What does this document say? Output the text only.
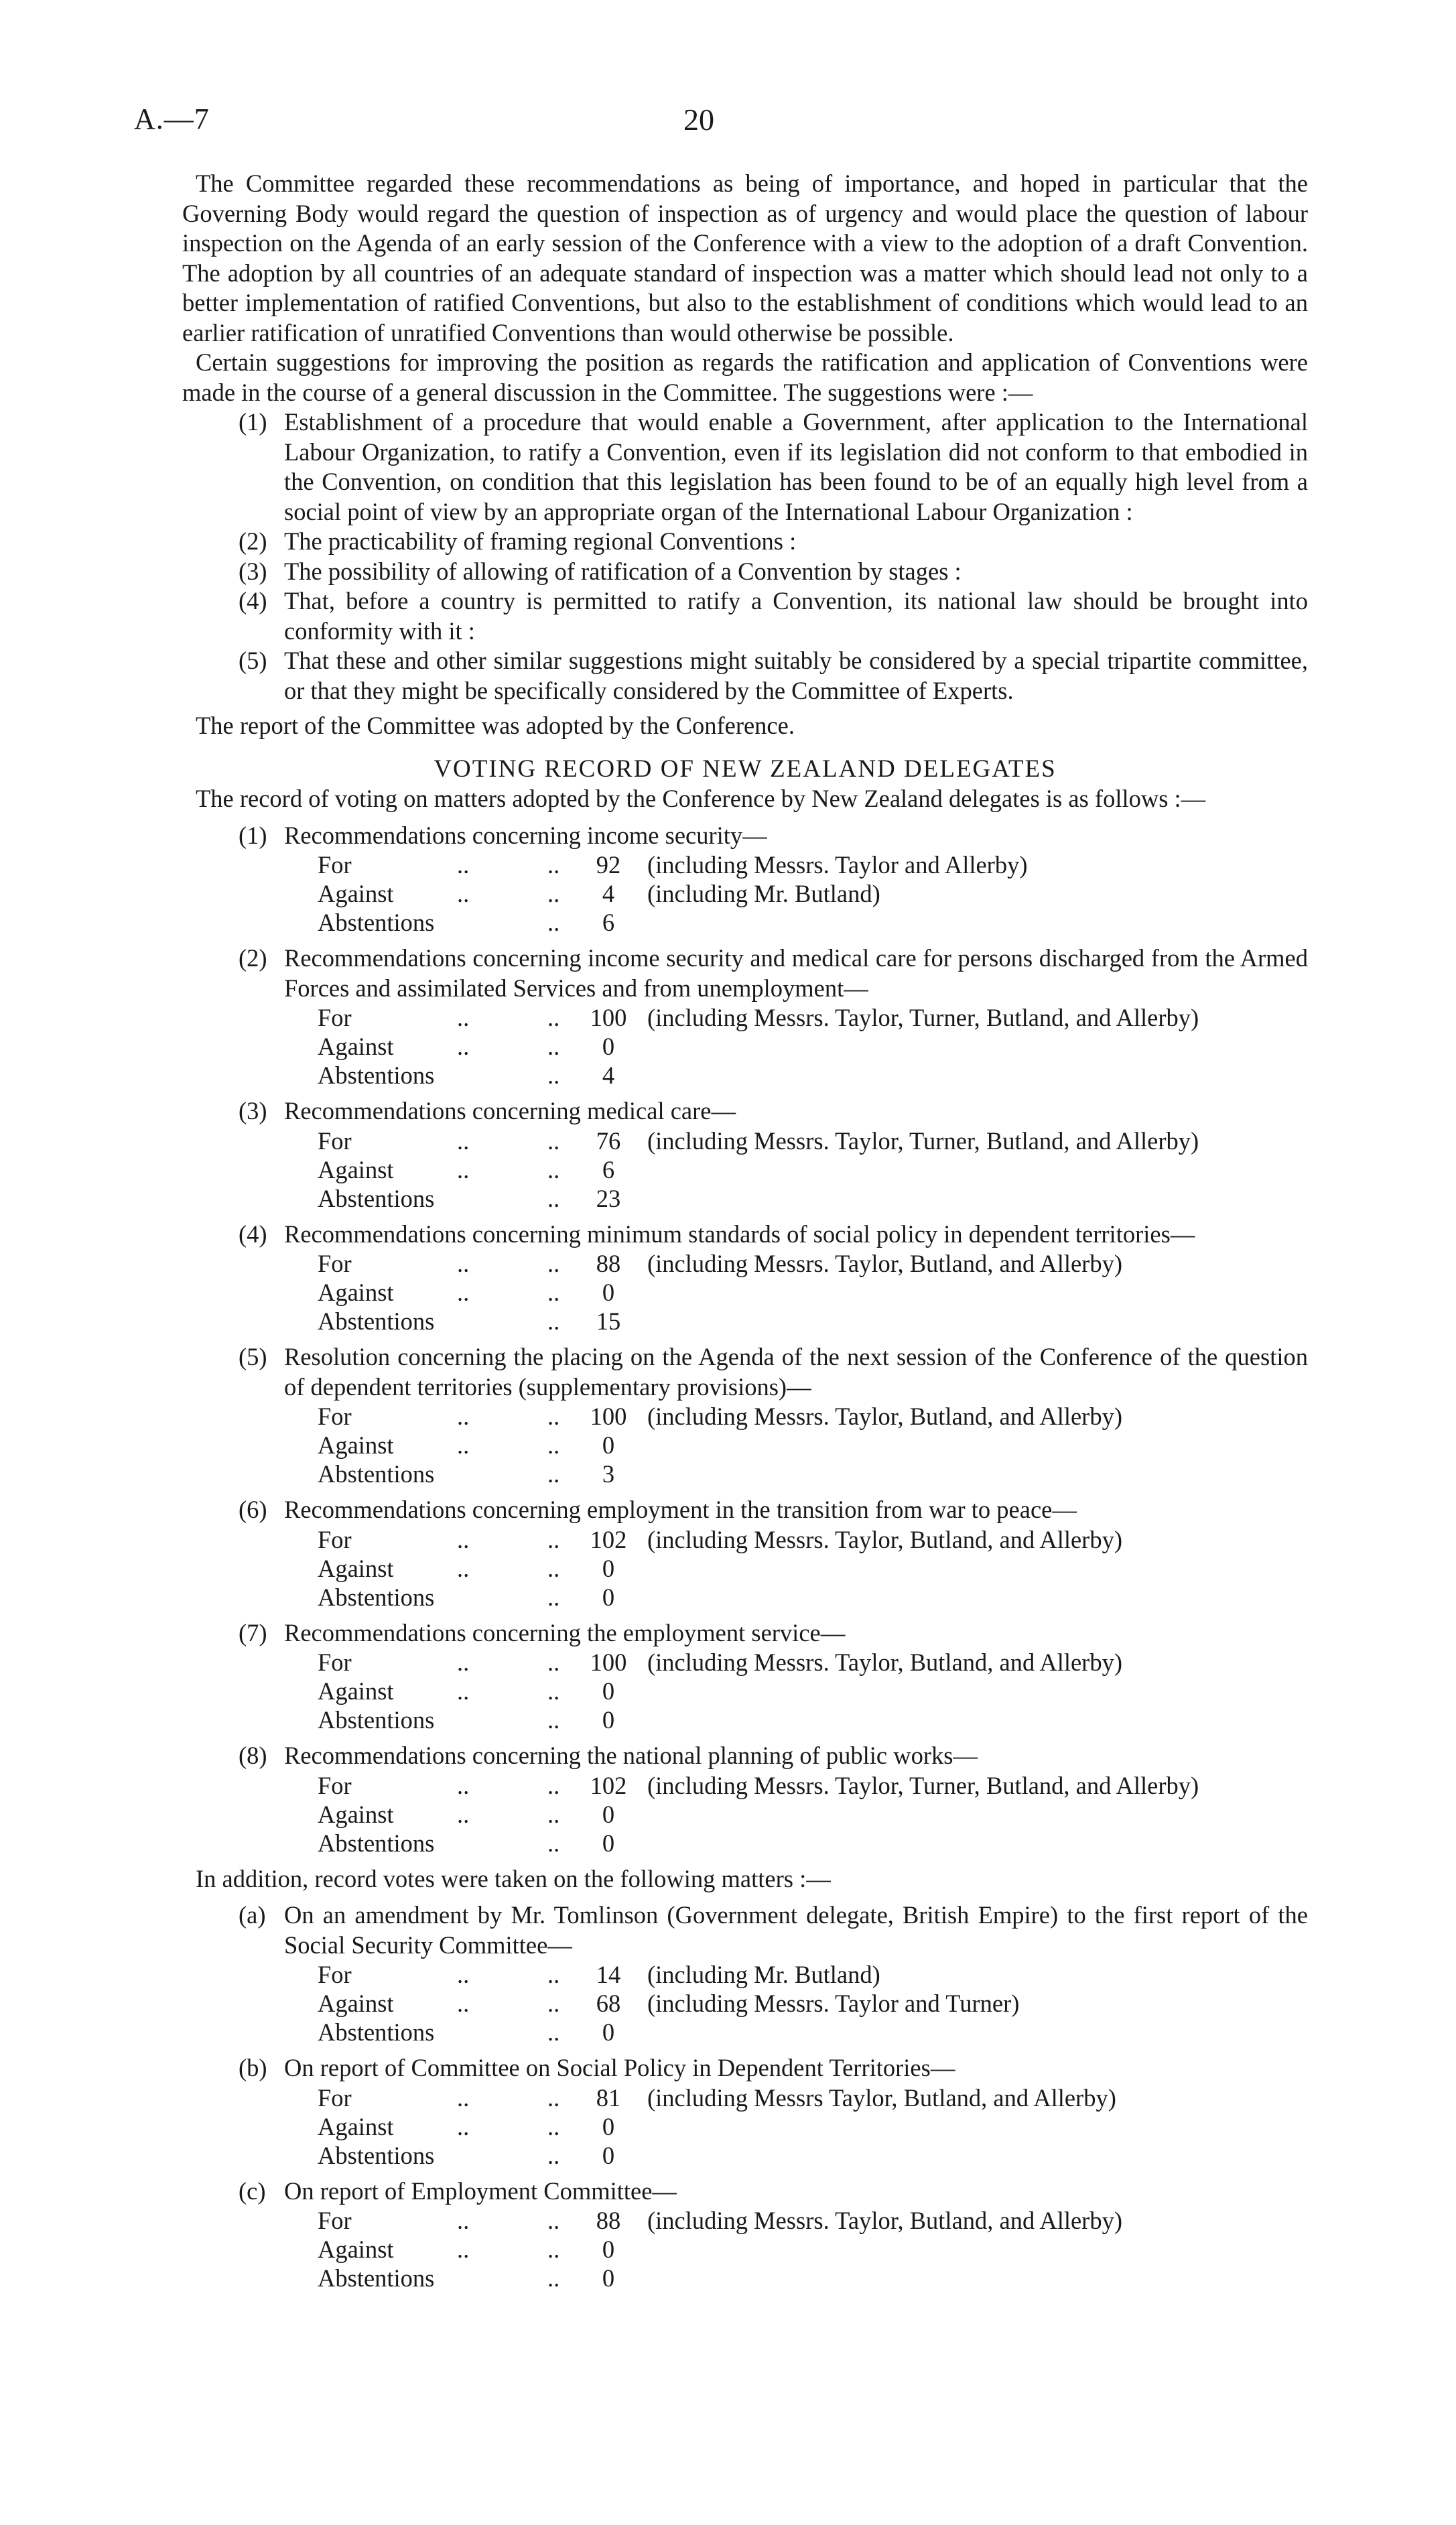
A.—7	20

The Committee regarded these recommendations as being of importance, and hoped in particular that the Governing Body would regard the question of inspection as of urgency and would place the question of labour inspection on the Agenda of an early session of the Conference with a view to the adoption of a draft Convention. The adoption by all countries of an adequate standard of inspection was a matter which should lead not only to a better implementation of ratified Conventions, but also to the establishment of conditions which would lead to an earlier ratification of unratified Conventions than would otherwise be possible.

Certain suggestions for improving the position as regards the ratification and application of Conventions were made in the course of a general discussion in the Committee. The suggestions were :—

(1) Establishment of a procedure that would enable a Government, after application to the International Labour Organization, to ratify a Convention, even if its legislation did not conform to that embodied in the Convention, on condition that this legislation has been found to be of an equally high level from a social point of view by an appropriate organ of the International Labour Organization :
(2) The practicability of framing regional Conventions :
(3) The possibility of allowing of ratification of a Convention by stages :
(4) That, before a country is permitted to ratify a Convention, its national law should be brought into conformity with it :
(5) That these and other similar suggestions might suitably be considered by a special tripartite committee, or that they might be specifically considered by the Committee of Experts.

The report of the Committee was adopted by the Conference.

VOTING RECORD OF NEW ZEALAND DELEGATES

The record of voting on matters adopted by the Conference by New Zealand delegates is as follows :—

(1) Recommendations concerning income security—
For	..	..	92	(including Messrs. Taylor and Allerby)
Against	..	..	4	(including Mr. Butland)
Abstentions	..	6
(2) Recommendations concerning income security and medical care for persons discharged from the Armed Forces and assimilated Services and from unemployment—
For	..	.. 100 (including Messrs. Taylor, Turner, Butland, and Allerby)
Against	..	..	0
Abstentions	..	4
(3) Recommendations concerning medical care—
For	..	..	76	(including Messrs. Taylor, Turner, Butland, and Allerby)
Against	..	..	6
Abstentions	..	23
(4) Recommendations concerning minimum standards of social policy in dependent territories—
For	..	..	88	(including Messrs. Taylor, Butland, and Allerby)
Against	..	..	0
Abstentions	..	15
(5) Resolution concerning the placing on the Agenda of the next session of the Conference of the question of dependent territories (supplementary provisions)—
For	..	.. 100 (including Messrs. Taylor, Butland, and Allerby)
Against	..	..	0
Abstentions	..	3
(6) Recommendations concerning employment in the transition from war to peace—
For	..	.. 102 (including Messrs. Taylor, Butland, and Allerby)
Against	..	..	0
Abstentions	..	0
(7) Recommendations concerning the employment service—
For	..	.. 100 (including Messrs. Taylor, Butland, and Allerby)
Against	..	..	0
Abstentions	..	0
(8) Recommendations concerning the national planning of public works—
For	..	.. 102 (including Messrs. Taylor, Turner, Butland, and Allerby)
Against	..	..	0
Abstentions	..	0

In addition, record votes were taken on the following matters :—

(a) On an amendment by Mr. Tomlinson (Government delegate, British Empire) to the first report of the Social Security Committee—
For	..	..	14	(including Mr. Butland)
Against	..	..	68	(including Messrs. Taylor and Turner)
Abstentions	..	0
(b) On report of Committee on Social Policy in Dependent Territories—
For	..	..	81	(including Messrs Taylor, Butland, and Allerby)
Against	..	..	0
Abstentions	..	0
(c) On report of Employment Committee—
For	..	..	88	(including Messrs. Taylor, Butland, and Allerby)
Against	..	..	0
Abstentions	..	0
